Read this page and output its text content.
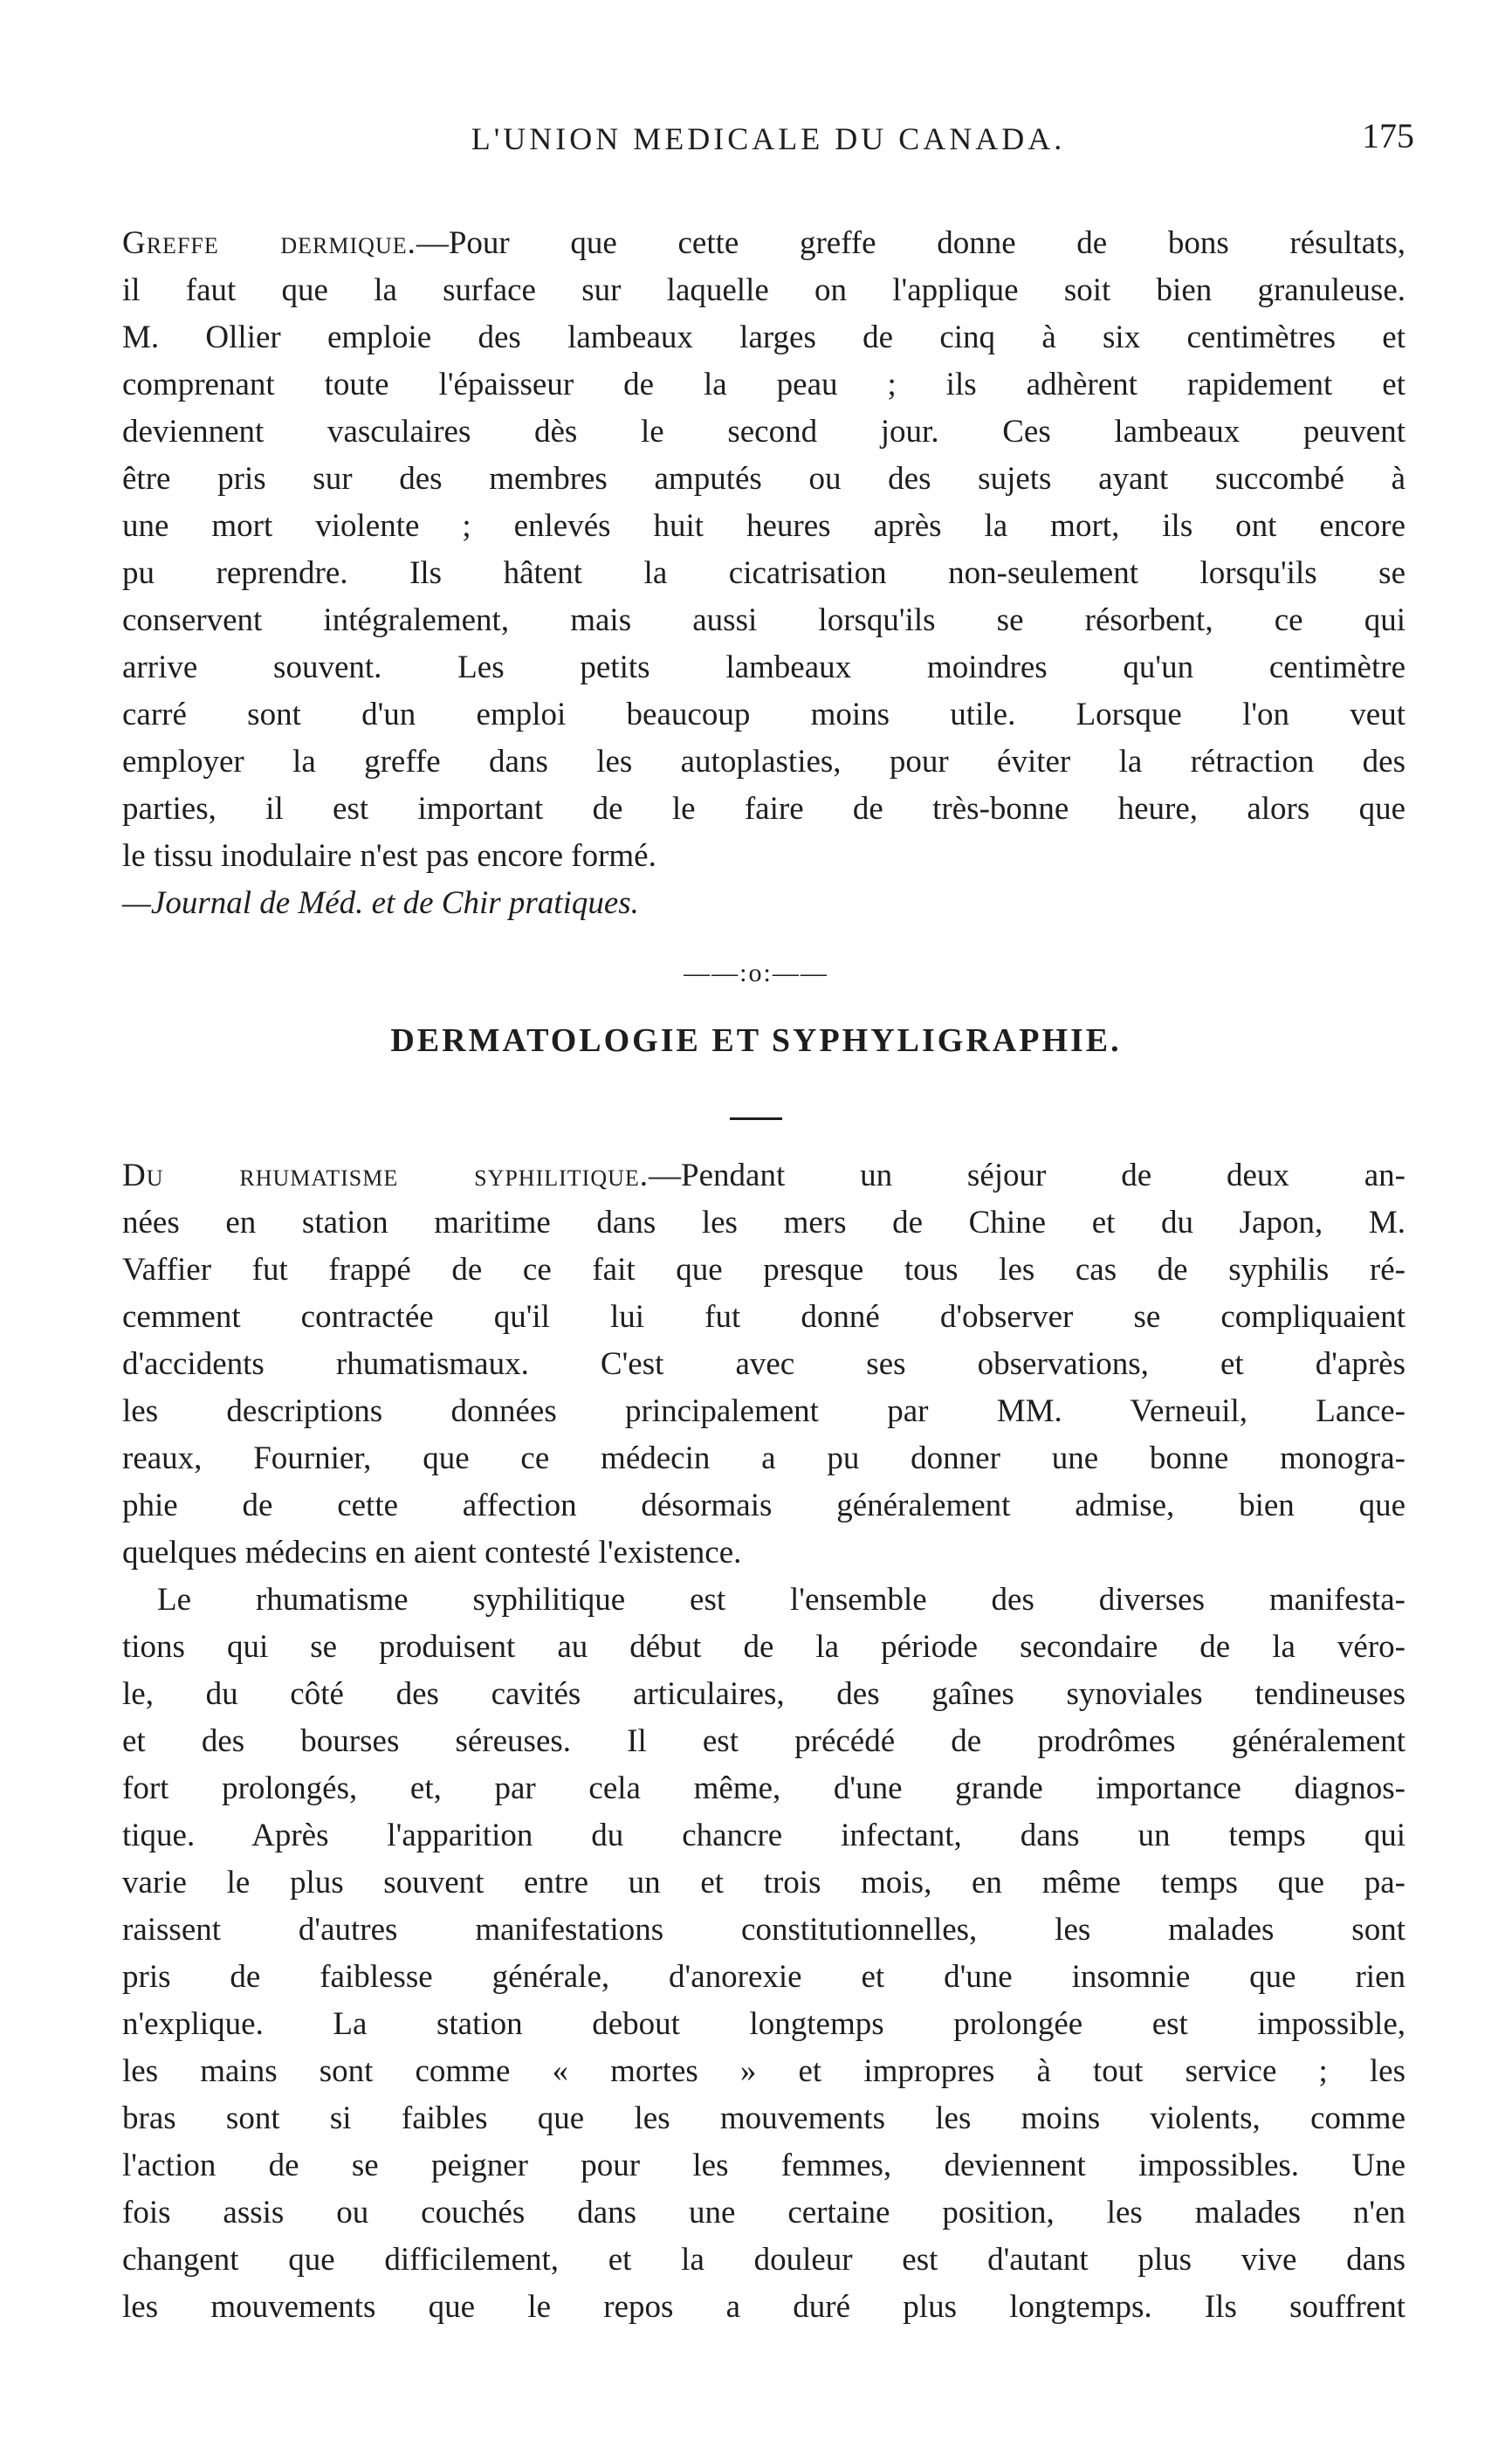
L'UNION MEDICALE DU CANADA.	175
Greffe dermique.—Pour que cette greffe donne de bons résultats,
il faut que la surface sur laquelle on l'applique soit bien granuleuse.
M. Ollier emploie des lambeaux larges de cinq à six centimètres et
comprenant toute l'épaisseur de la peau ; ils adhèrent rapidement et
deviennent vasculaires dès le second jour. Ces lambeaux peuvent
être pris sur des membres amputés ou des sujets ayant succombé à
une mort violente ; enlevés huit heures après la mort, ils ont encore
pu reprendre. Ils hâtent la cicatrisation non-seulement lorsqu'ils se
conservent intégralement, mais aussi lorsqu'ils se résorbent, ce qui
arrive souvent. Les petits lambeaux moindres qu'un centimètre
carré sont d'un emploi beaucoup moins utile. Lorsque l'on veut
employer la greffe dans les autoplasties, pour éviter la rétraction des
parties, il est important de le faire de très-bonne heure, alors que
le tissu inodulaire n'est pas encore formé.
—Journal de Méd. et de Chir pratiques.
——:o:——
DERMATOLOGIE ET SYPHYLIGRAPHIE.
Du rhumatisme syphilitique.—Pendant un séjour de deux an-
nées en station maritime dans les mers de Chine et du Japon, M.
Vaffier fut frappé de ce fait que presque tous les cas de syphilis ré-
cemment contractée qu'il lui fut donné d'observer se compliquaient
d'accidents rhumatismaux. C'est avec ses observations, et d'après
les descriptions données principalement par MM. Verneuil, Lance-
reaux, Fournier, que ce médecin a pu donner une bonne monogra-
phie de cette affection désormais généralement admise, bien que
quelques médecins en aient contesté l'existence.
Le rhumatisme syphilitique est l'ensemble des diverses manifesta-
tions qui se produisent au début de la période secondaire de la véro-
le, du côté des cavités articulaires, des gaînes synoviales tendineuses
et des bourses séreuses. Il est précédé de prodrômes généralement
fort prolongés, et, par cela même, d'une grande importance diagnos-
tique. Après l'apparition du chancre infectant, dans un temps qui
varie le plus souvent entre un et trois mois, en même temps que pa-
raissent d'autres manifestations constitutionnelles, les malades sont
pris de faiblesse générale, d'anorexie et d'une insomnie que rien
n'explique. La station debout longtemps prolongée est impossible,
les mains sont comme « mortes » et impropres à tout service ; les
bras sont si faibles que les mouvements les moins violents, comme
l'action de se peigner pour les femmes, deviennent impossibles. Une
fois assis ou couchés dans une certaine position, les malades n'en
changent que difficilement, et la douleur est d'autant plus vive dans
les mouvements que le repos a duré plus longtemps. Ils souffrent
